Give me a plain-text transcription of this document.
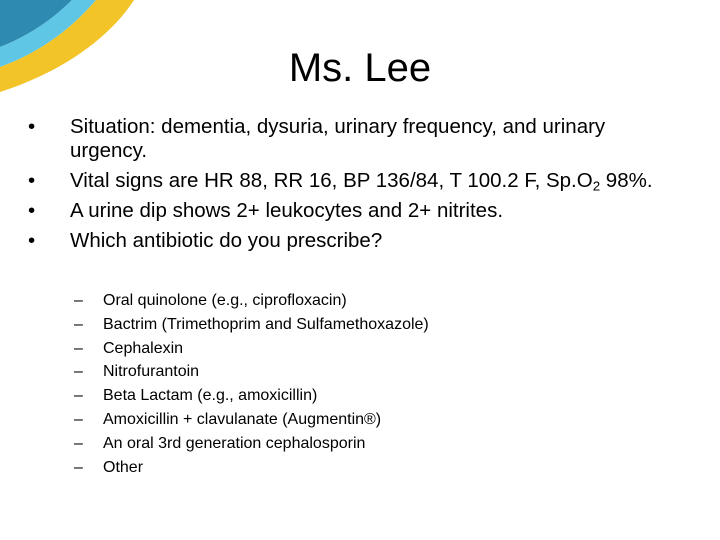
Ms. Lee
• Situation: dementia, dysuria, urinary frequency, and urinary urgency.
• Vital signs are HR 88, RR 16, BP 136/84, T 100.2 F, $Sp.O_2$ 98%.
• A urine dip shows 2+ leukocytes and 2+ nitrites.
• Which antibiotic do you prescribe?
– Oral quinolone (e.g., ciprofloxacin)
– Bactrim (Trimethoprim and Sulfamethoxazole)
– Cephalexin
– Nitrofurantoin
– Beta Lactam (e.g., amoxicillin)
– Amoxicillin + clavulanate (Augmentin®)
– An oral 3rd generation cephalosporin
– Other
